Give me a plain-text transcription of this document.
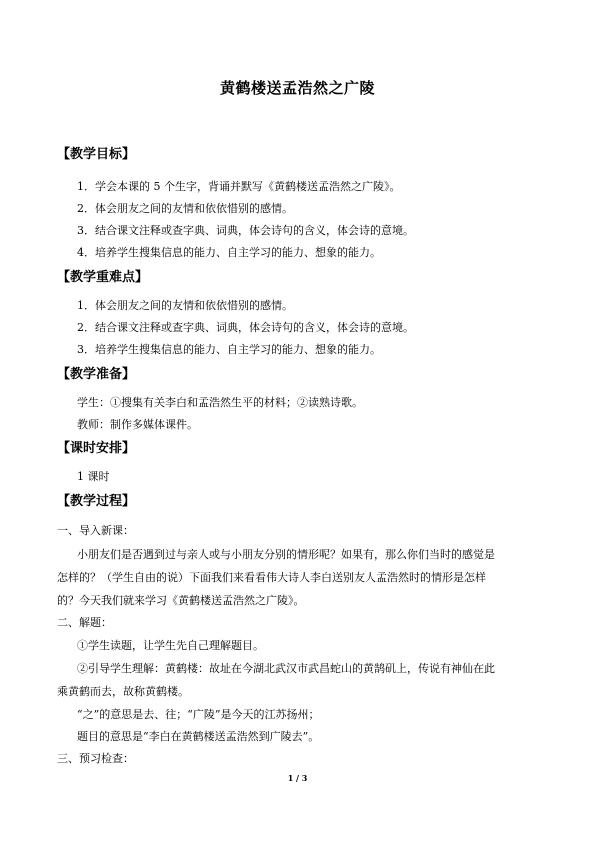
黄鹤楼送孟浩然之广陵
【教学目标】
1．学会本课的 5 个生字，背诵并默写《黄鹤楼送孟浩然之广陵》。
2．体会朋友之间的友情和依依惜别的感情。
3．结合课文注释或查字典、词典，体会诗句的含义，体会诗的意境。
4．培养学生搜集信息的能力、自主学习的能力、想象的能力。
【教学重难点】
1．体会朋友之间的友情和依依惜别的感情。
2．结合课文注释或查字典、词典，体会诗句的含义，体会诗的意境。
3．培养学生搜集信息的能力、自主学习的能力、想象的能力。
【教学准备】
学生：①搜集有关李白和孟浩然生平的材料；②读熟诗歌。
教师：制作多媒体课件。
【课时安排】
1 课时
【教学过程】
一、导入新课：
小朋友们是否遇到过与亲人或与小朋友分别的情形呢？如果有，那么你们当时的感觉是
怎样的？（学生自由的说）下面我们来看看伟大诗人李白送别友人孟浩然时的情形是怎样
的？今天我们就来学习《黄鹤楼送孟浩然之广陵》。
二、解题：
①学生读题，让学生先自己理解题目。
②引导学生理解：黄鹤楼：故址在今湖北武汉市武昌蛇山的黄鹄矶上，传说有神仙在此
乘黄鹤而去，故称黄鹤楼。
“之”的意思是去、往；“广陵”是今天的江苏扬州；
题目的意思是“李白在黄鹤楼送孟浩然到广陵去”。
三、预习检查：
1 / 3
